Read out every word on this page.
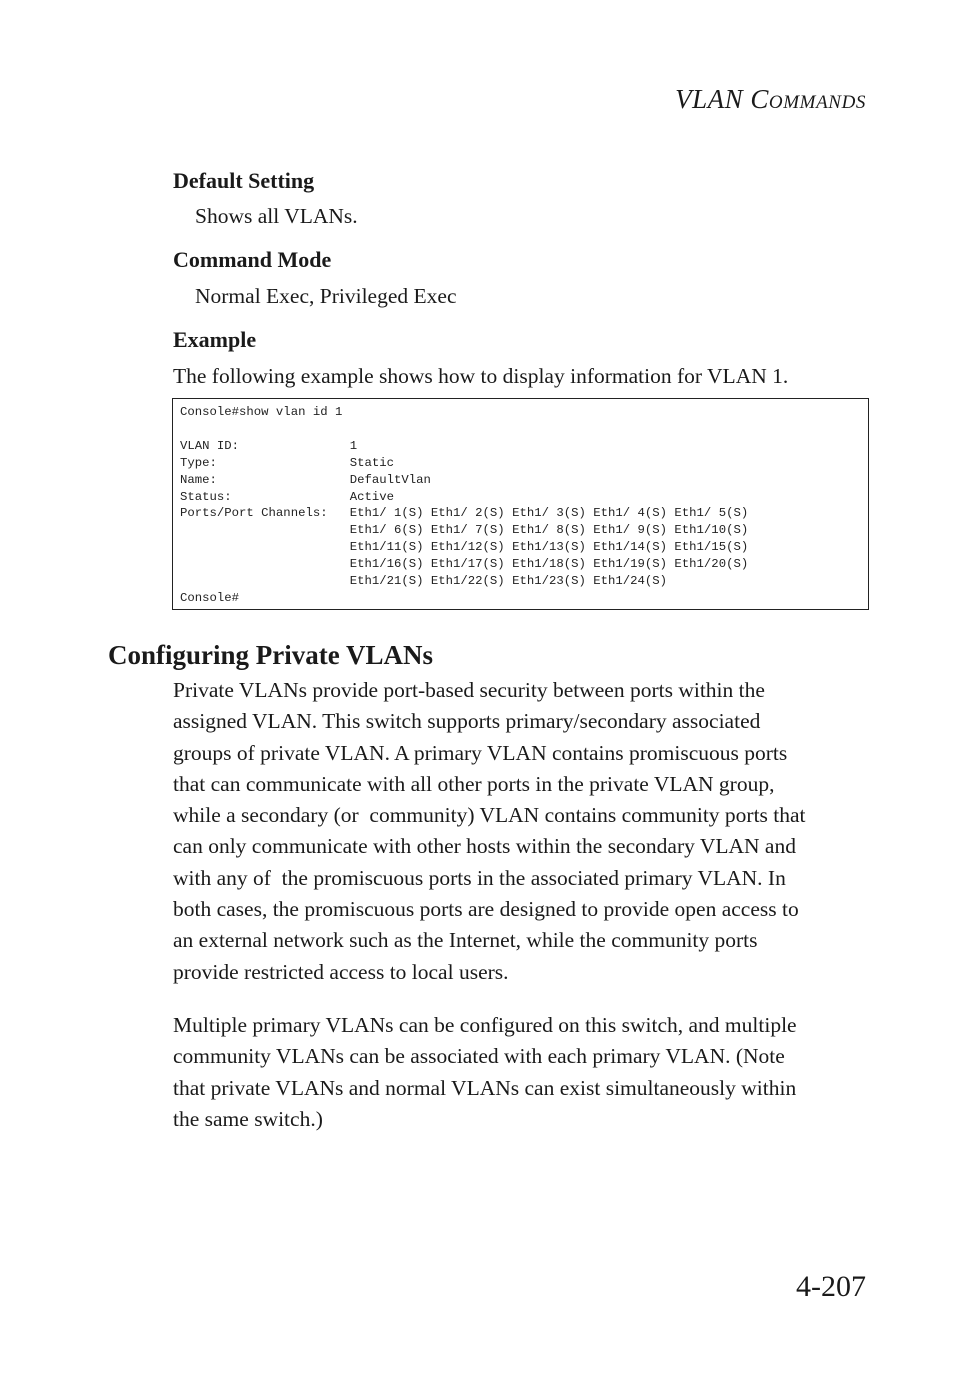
VLAN COMMANDS
Default Setting
Shows all VLANs.
Command Mode
Normal Exec, Privileged Exec
Example
The following example shows how to display information for VLAN 1.
Console#show vlan id 1

VLAN ID:               1
Type:                  Static
Name:                  DefaultVlan
Status:                Active
Ports/Port Channels:   Eth1/ 1(S) Eth1/ 2(S) Eth1/ 3(S) Eth1/ 4(S) Eth1/ 5(S)
Eth1/ 6(S) Eth1/ 7(S) Eth1/ 8(S) Eth1/ 9(S) Eth1/10(S)
Eth1/11(S) Eth1/12(S) Eth1/13(S) Eth1/14(S) Eth1/15(S)
Eth1/16(S) Eth1/17(S) Eth1/18(S) Eth1/19(S) Eth1/20(S)
Eth1/21(S) Eth1/22(S) Eth1/23(S) Eth1/24(S)
Console#
Configuring Private VLANs

Private VLANs provide port-based security between ports within the
assigned VLAN. This switch supports primary/secondary associated
groups of private VLAN. A primary VLAN contains promiscuous ports
that can communicate with all other ports in the private VLAN group,
while a secondary (or  community) VLAN contains community ports that
can only communicate with other hosts within the secondary VLAN and
with any of  the promiscuous ports in the associated primary VLAN. In
both cases, the promiscuous ports are designed to provide open access to
an external network such as the Internet, while the community ports
provide restricted access to local users.

Multiple primary VLANs can be configured on this switch, and multiple
community VLANs can be associated with each primary VLAN. (Note
that private VLANs and normal VLANs can exist simultaneously within
the same switch.)

4-207
